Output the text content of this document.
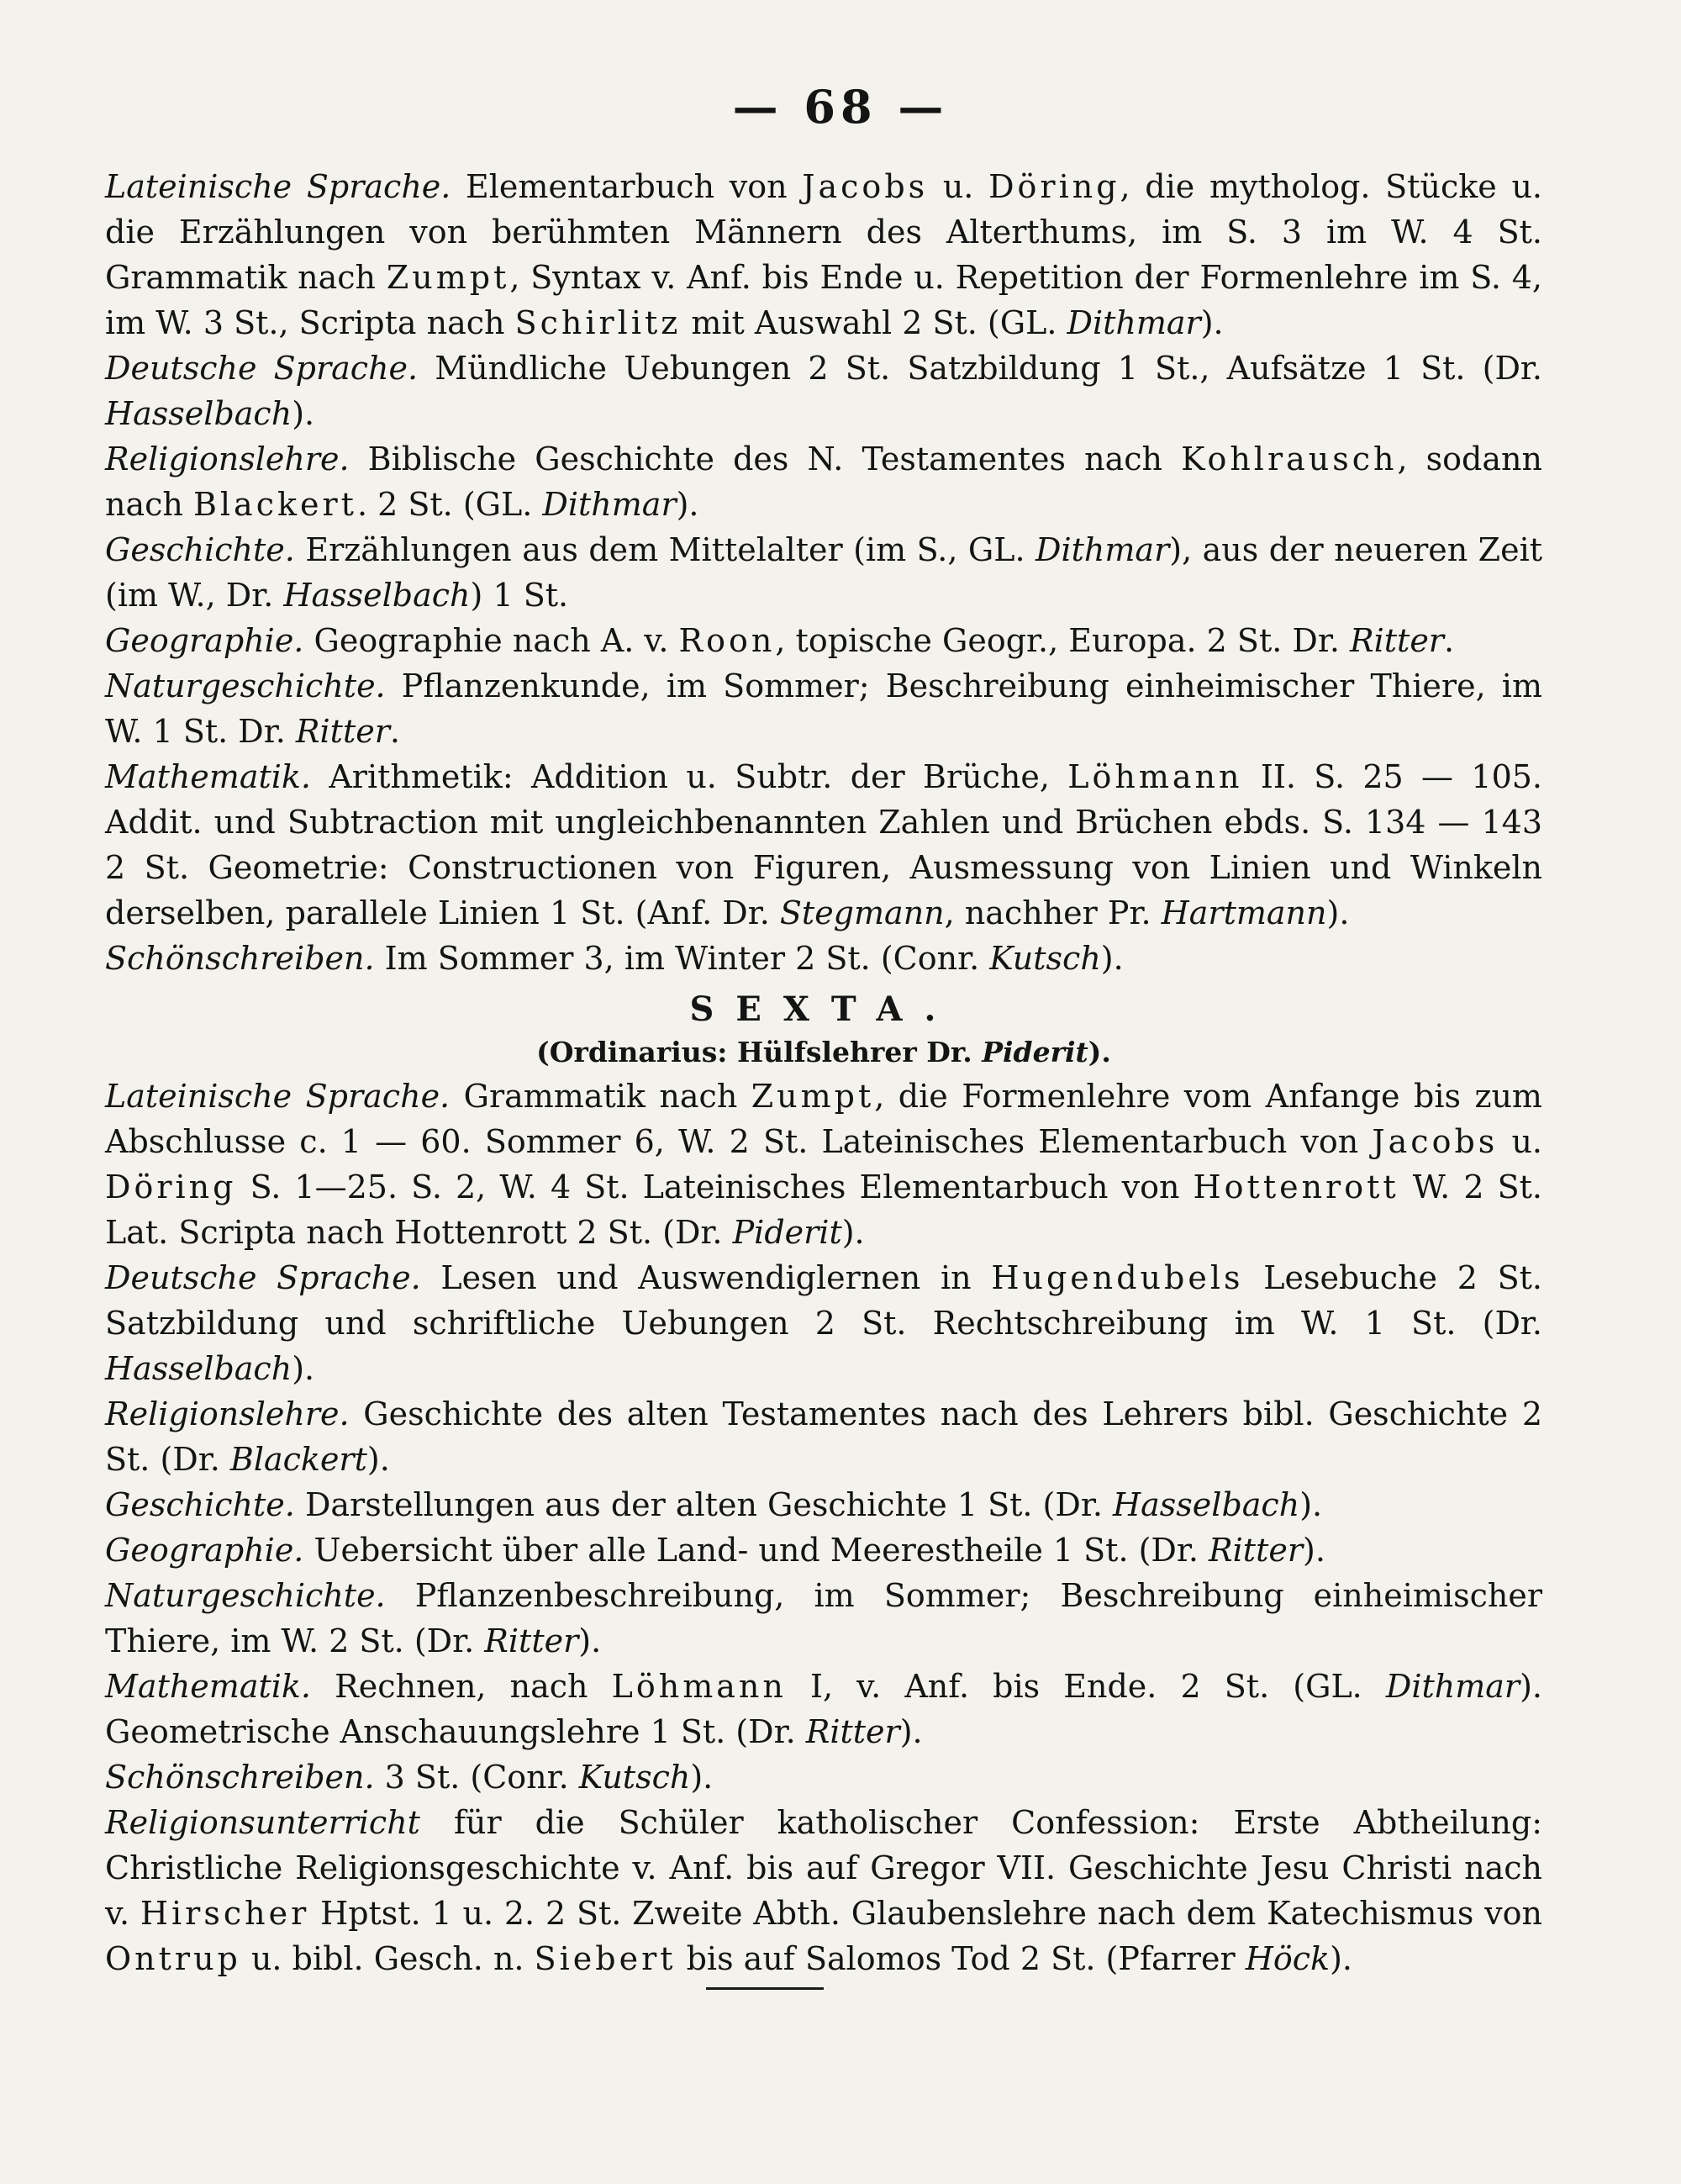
— 68 —

Lateinische Sprache. Elementarbuch von Jacobs u. Döring, die mytholog. Stücke u. die Erzählungen von berühmten Männern des Alterthums, im S. 3 im W. 4 St. Grammatik nach Zumpt, Syntax v. Anf. bis Ende u. Repetition der Formenlehre im S. 4, im W. 3 St., Scripta nach Schirlitz mit Auswahl 2 St. (GL. Dithmar).

Deutsche Sprache. Mündliche Uebungen 2 St. Satzbildung 1 St., Aufsätze 1 St. (Dr. Hasselbach).

Religionslehre. Biblische Geschichte des N. Testamentes nach Kohlrausch, sodann nach Blackert. 2 St. (GL. Dithmar).

Geschichte. Erzählungen aus dem Mittelalter (im S., GL. Dithmar), aus der neueren Zeit (im W., Dr. Hasselbach) 1 St.

Geographie. Geographie nach A. v. Roon, topische Geogr., Europa. 2 St. Dr. Ritter.

Naturgeschichte. Pflanzenkunde, im Sommer; Beschreibung einheimischer Thiere, im W. 1 St. Dr. Ritter.

Mathematik. Arithmetik: Addition u. Subtr. der Brüche, Löhmann II. S. 25 — 105. Addit. und Subtraction mit ungleichbenannten Zahlen und Brüchen ebds. S. 134 — 143 2 St. Geometrie: Constructionen von Figuren, Ausmessung von Linien und Winkeln derselben, parallele Linien 1 St. (Anf. Dr. Stegmann, nachher Pr. Hartmann).

Schönschreiben. Im Sommer 3, im Winter 2 St. (Conr. Kutsch).

SEXTA.
(Ordinarius: Hülfslehrer Dr. Piderit).

Lateinische Sprache. Grammatik nach Zumpt, die Formenlehre vom Anfange bis zum Abschlusse c. 1 — 60. Sommer 6, W. 2 St. Lateinisches Elementarbuch von Jacobs u. Döring S. 1—25. S. 2, W. 4 St. Lateinisches Elementarbuch von Hottenrott W. 2 St. Lat. Scripta nach Hottenrott 2 St. (Dr. Piderit).

Deutsche Sprache. Lesen und Auswendiglernen in Hugendubels Lesebuche 2 St. Satzbildung und schriftliche Uebungen 2 St. Rechtschreibung im W. 1 St. (Dr. Hasselbach).

Religionslehre. Geschichte des alten Testamentes nach des Lehrers bibl. Geschichte 2 St. (Dr. Blackert).

Geschichte. Darstellungen aus der alten Geschichte 1 St. (Dr. Hasselbach).

Geographie. Uebersicht über alle Land- und Meerestheile 1 St. (Dr. Ritter).

Naturgeschichte. Pflanzenbeschreibung, im Sommer; Beschreibung einheimischer Thiere, im W. 2 St. (Dr. Ritter).

Mathematik. Rechnen, nach Löhmann I, v. Anf. bis Ende. 2 St. (GL. Dithmar). Geometrische Anschauungslehre 1 St. (Dr. Ritter).

Schönschreiben. 3 St. (Conr. Kutsch).

Religionsunterricht für die Schüler katholischer Confession: Erste Abtheilung: Christliche Religionsgeschichte v. Anf. bis auf Gregor VII. Geschichte Jesu Christi nach v. Hirscher Hptst. 1 u. 2. 2 St. Zweite Abth. Glaubenslehre nach dem Katechismus von Ontrup u. bibl. Gesch. n. Siebert bis auf Salomos Tod 2 St. (Pfarrer Höck).
